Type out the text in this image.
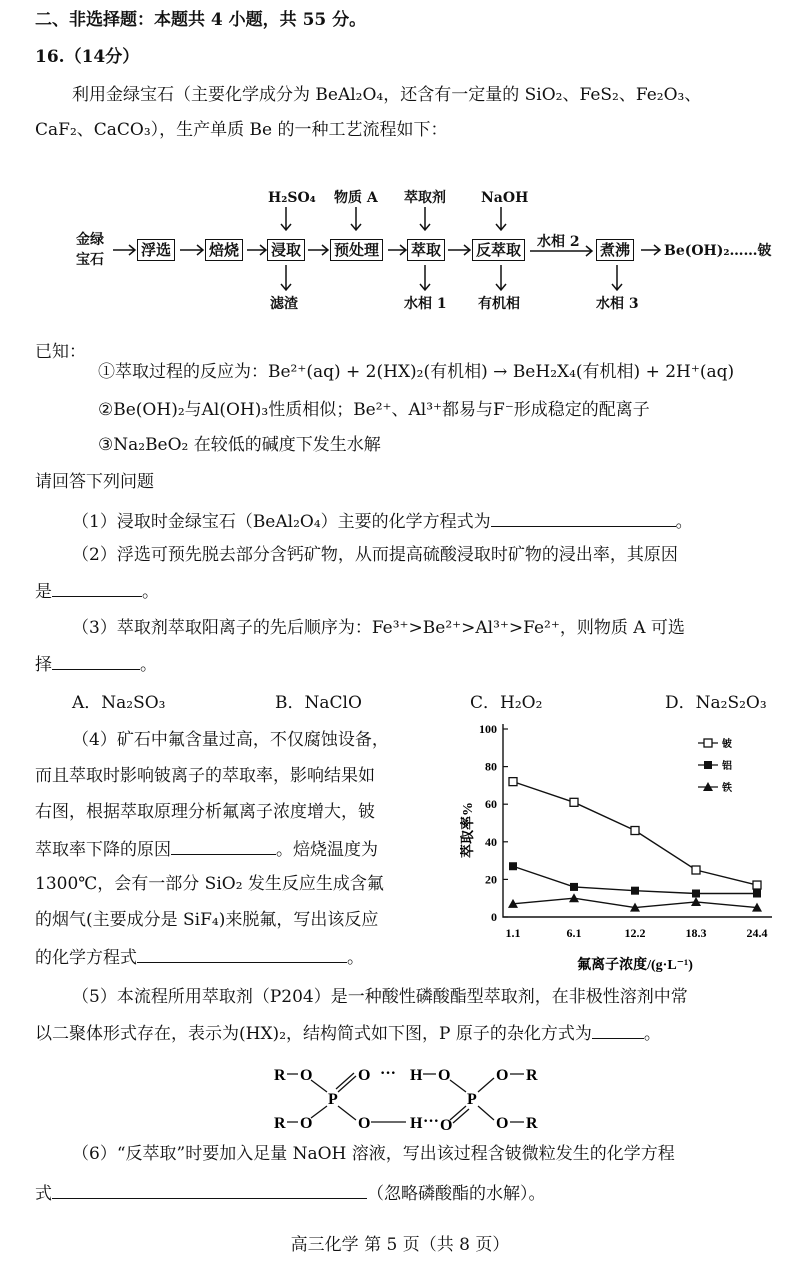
二、非选择题：本题共 4 小题，共 55 分。
16.（14分）
利用金绿宝石（主要化学成分为 BeAl₂O₄，还含有一定量的 SiO₂、FeS₂、Fe₂O₃、
CaF₂、CaCO₃），生产单质 Be 的一种工艺流程如下：
金绿
宝石
浮选	焙烧 浸取 预处理 萃取 反萃取	煮沸
H₂SO₄ 物质 A 萃取剂	NaOH
滤渣	水相 1 有机相	水相 3
水相 2
Be(OH)₂……铍
已知：
①萃取过程的反应为：Be²⁺(aq) + 2(HX)₂(有机相) → BeH₂X₄(有机相) + 2H⁺(aq)
②Be(OH)₂与Al(OH)₃性质相似；Be²⁺、Al³⁺都易与F⁻形成稳定的配离子
③Na₂BeO₂ 在较低的碱度下发生水解
请回答下列问题
（1）浸取时金绿宝石（BeAl₂O₄）主要的化学方程式为	。
（2）浮选可预先脱去部分含钙矿物，从而提高硫酸浸取时矿物的浸出率，其原因
是	。
（3）萃取剂萃取阳离子的先后顺序为：Fe³⁺>Be²⁺>Al³⁺>Fe²⁺，则物质 A 可选
择	。
A．Na₂SO₃	B．NaClO	C．H₂O₂	D．Na₂S₂O₃
（4）矿石中氟含量过高，不仅腐蚀设备，
而且萃取时影响铍离子的萃取率，影响结果如
右图，根据萃取原理分析氟离子浓度增大，铍
萃取率下降的原因	。焙烧温度为
1300℃，会有一部分 SiO₂ 发生反应生成含氟
的烟气(主要成分是 SiF₄)来脱氟，写出该反应
的化学方程式	。
0
20
40
60
80
100
1.1	6.1	12.2	18.3	24.4
铍
铝
铁
萃取率%
氟离子浓度/(g·L⁻¹)
（5）本流程所用萃取剂（P204）是一种酸性磷酸酯型萃取剂，在非极性溶剂中常
以二聚体形式存在，表示为(HX)₂，结构简式如下图，P 原子的杂化方式为	。
R O
R O
P
O
O
··· H O
H ··· O
P
O R
O R
（6）“反萃取”时要加入足量 NaOH 溶液，写出该过程含铍微粒发生的化学方程
式	（忽略磷酸酯的水解）。
高三化学 第 5 页（共 8 页）
